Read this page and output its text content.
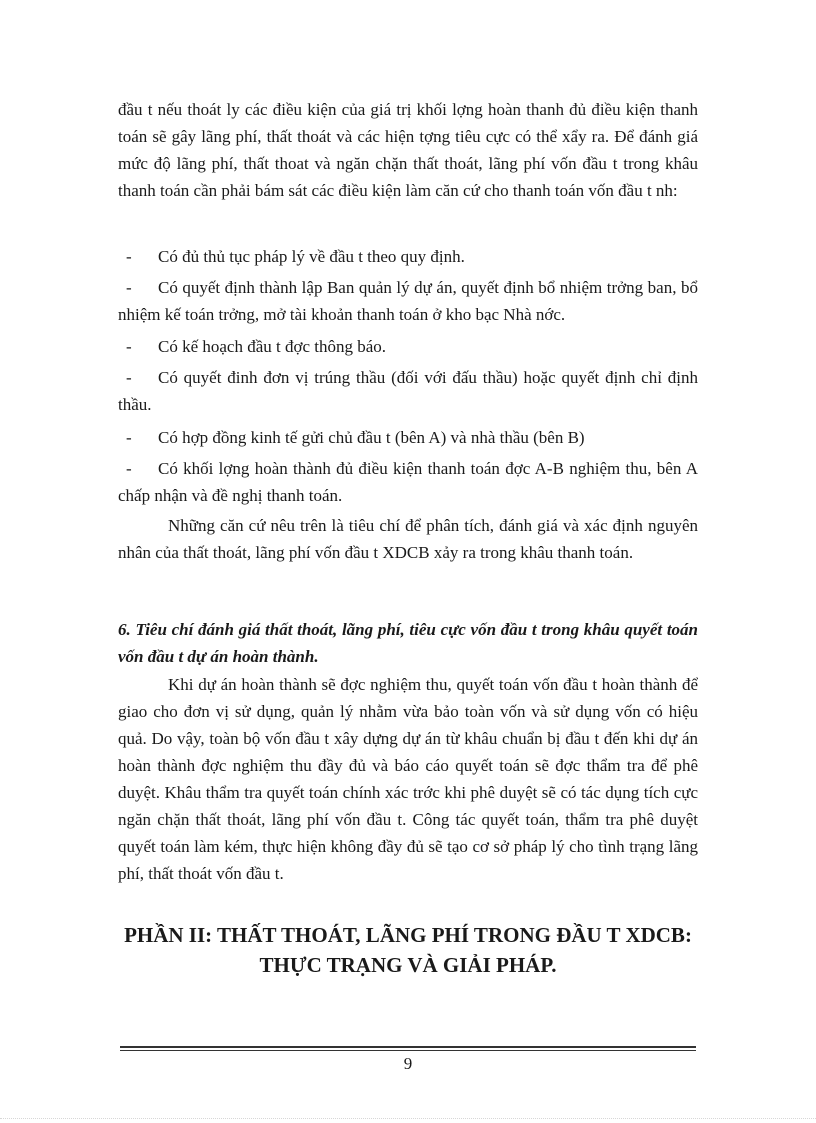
đầu t nếu thoát ly các điều kiện của giá trị khối lợng hoàn thanh đủ điều kiện thanh toán sẽ gây lãng phí, thất thoát và các hiện tợng tiêu cực có thể xẩy ra. Để đánh giá mức độ lãng phí, thất thoat và ngăn chặn thất thoát, lãng phí vốn đầu t trong khâu thanh toán cần phải bám sát các điều kiện làm căn cứ cho thanh toán vốn đầu t nh:

- Có đủ thủ tục pháp lý về đầu t theo quy định.

- Có quyết định thành lập Ban quản lý dự án, quyết định bổ nhiệm trởng ban, bổ nhiệm kế toán trởng, mở tài khoản thanh toán ở kho bạc Nhà nớc.

- Có kế hoạch đầu t đợc thông báo.

- Có quyết đinh đơn vị trúng thầu (đối với đấu thầu) hoặc quyết định chỉ định thầu.

- Có hợp đồng kinh tế gửi chủ đầu t (bên A) và nhà thầu (bên B)

- Có khối lợng hoàn thành đủ điều kiện thanh toán đợc A-B nghiệm thu, bên A chấp nhận và đề nghị thanh toán.

Những căn cứ nêu trên là tiêu chí để phân tích, đánh giá và xác định nguyên nhân của thất thoát, lãng phí vốn đầu t XDCB xảy ra trong khâu thanh toán.

6. Tiêu chí đánh giá thất thoát, lãng phí, tiêu cực vốn đầu t trong khâu quyết toán vốn đầu t dự án hoàn thành.

Khi dự án hoàn thành sẽ đợc nghiệm thu, quyết toán vốn đầu t hoàn thành để giao cho đơn vị sử dụng, quản lý nhằm vừa bảo toàn vốn và sử dụng vốn có hiệu quả. Do vậy, toàn bộ vốn đầu t xây dựng dự án từ khâu chuẩn bị đầu t đến khi dự án hoàn thành đợc nghiệm thu đầy đủ và báo cáo quyết toán sẽ đợc thẩm tra để phê duyệt. Khâu thẩm tra quyết toán chính xác trớc khi phê duyệt sẽ có tác dụng tích cực ngăn chặn thất thoát, lãng phí vốn đầu t. Công tác quyết toán, thẩm tra phê duyệt quyết toán làm kém, thực hiện không đầy đủ sẽ tạo cơ sở pháp lý cho tình trạng lãng phí, thất thoát vốn đầu t.

PHẦN II: THẤT THOÁT, LÃNG PHÍ TRONG ĐẦU T XDCB:
THỰC TRẠNG VÀ GIẢI PHÁP.
9
